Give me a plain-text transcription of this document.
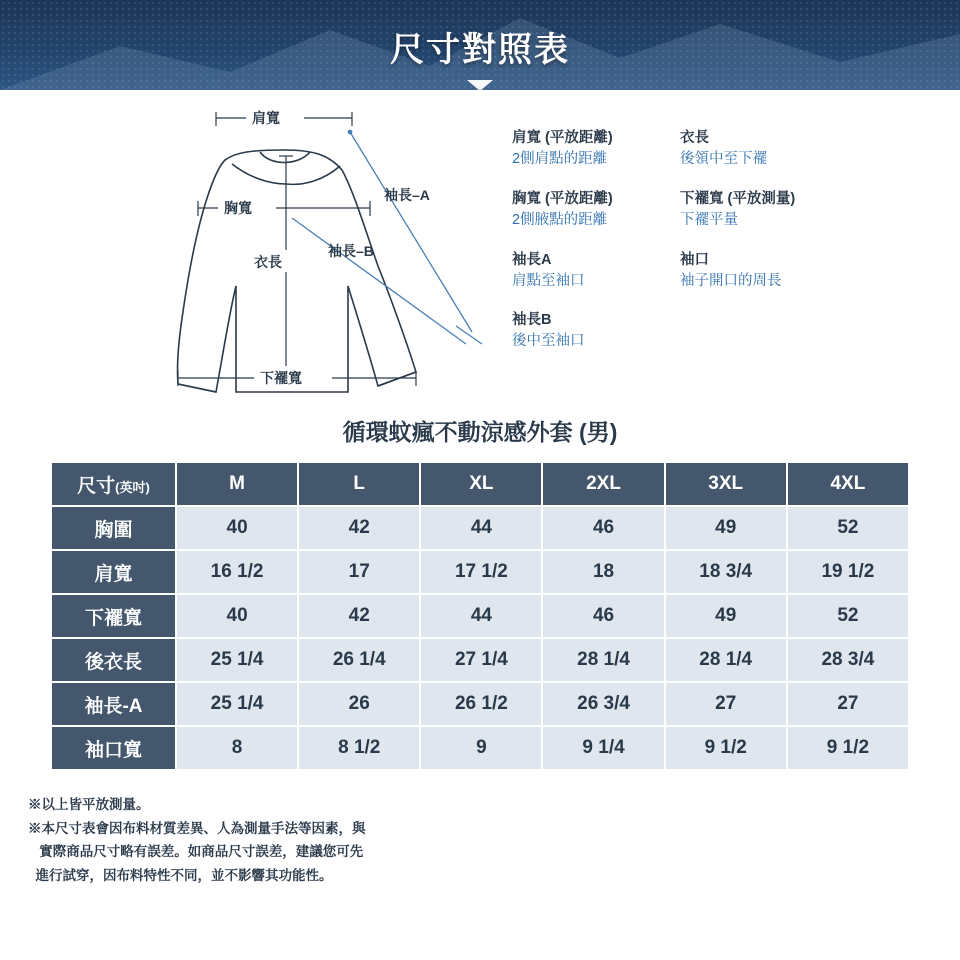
尺寸對照表
肩寬
胸寬
衣長
下襬寬
袖長–A
袖長–B
肩寬 (平放距離)
2側肩點的距離
衣長
後領中至下襬
胸寬 (平放距離)
2側腋點的距離
下襬寬 (平放測量)
下襬平量
袖長A
肩點至袖口
袖口
袖子開口的周長
袖長B
後中至袖口
循環蚊瘋不動涼感外套 (男)
尺寸(英吋)	M	L	XL	2XL	3XL	4XL
胸圍	40	42	44	46	49	52
肩寬	16 1/2	17	17 1/2	18	18 3/4	19 1/2
下襬寬	40	42	44	46	49	52
後衣長	25 1/4	26 1/4	27 1/4	28 1/4	28 1/4	28 3/4
袖長-A	25 1/4	26	26 1/2	26 3/4	27	27
袖口寬	8	8 1/2	9	9 1/4	9 1/2	9 1/2
※以上皆平放測量。
※本尺寸表會因布料材質差異、人為測量手法等因素，與
實際商品尺寸略有誤差。如商品尺寸誤差，建議您可先
進行試穿，因布料特性不同，並不影響其功能性。
